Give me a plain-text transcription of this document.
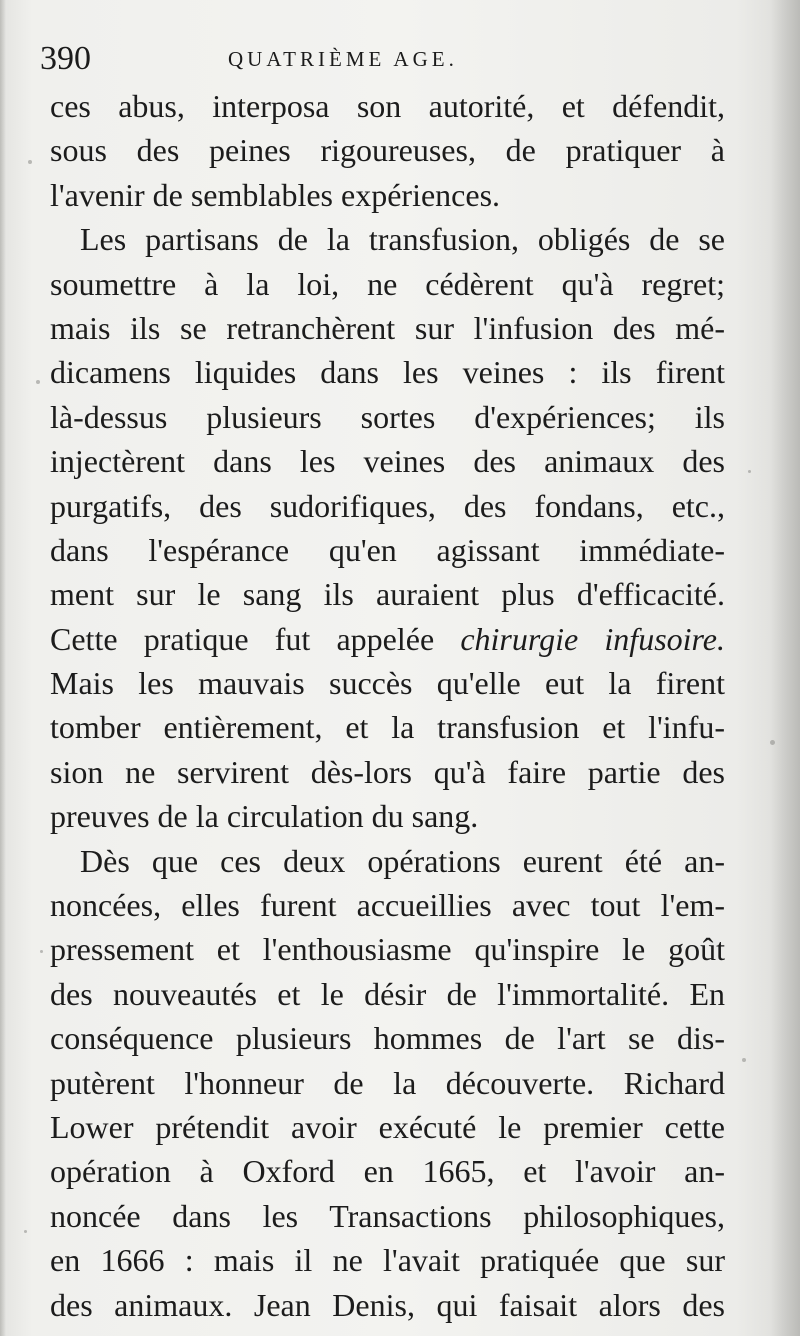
390	QUATRIÈME AGE.
ces abus, interposa son autorité, et défendit,
sous des peines rigoureuses, de pratiquer à
l'avenir de semblables expériences.
Les partisans de la transfusion, obligés de se
soumettre à la loi, ne cédèrent qu'à regret;
mais ils se retranchèrent sur l'infusion des mé-
dicamens liquides dans les veines : ils firent
là-dessus plusieurs sortes d'expériences; ils
injectèrent dans les veines des animaux des
purgatifs, des sudorifiques, des fondans, etc.,
dans l'espérance qu'en agissant immédiate-
ment sur le sang ils auraient plus d'efficacité.
Cette pratique fut appelée chirurgie infusoire.
Mais les mauvais succès qu'elle eut la firent
tomber entièrement, et la transfusion et l'infu-
sion ne servirent dès-lors qu'à faire partie des
preuves de la circulation du sang.
Dès que ces deux opérations eurent été an-
noncées, elles furent accueillies avec tout l'em-
pressement et l'enthousiasme qu'inspire le goût
des nouveautés et le désir de l'immortalité. En
conséquence plusieurs hommes de l'art se dis-
putèrent l'honneur de la découverte. Richard
Lower prétendit avoir exécuté le premier cette
opération à Oxford en 1665, et l'avoir an-
noncée dans les Transactions philosophiques,
en 1666 : mais il ne l'avait pratiquée que sur
des animaux. Jean Denis, qui faisait alors des
